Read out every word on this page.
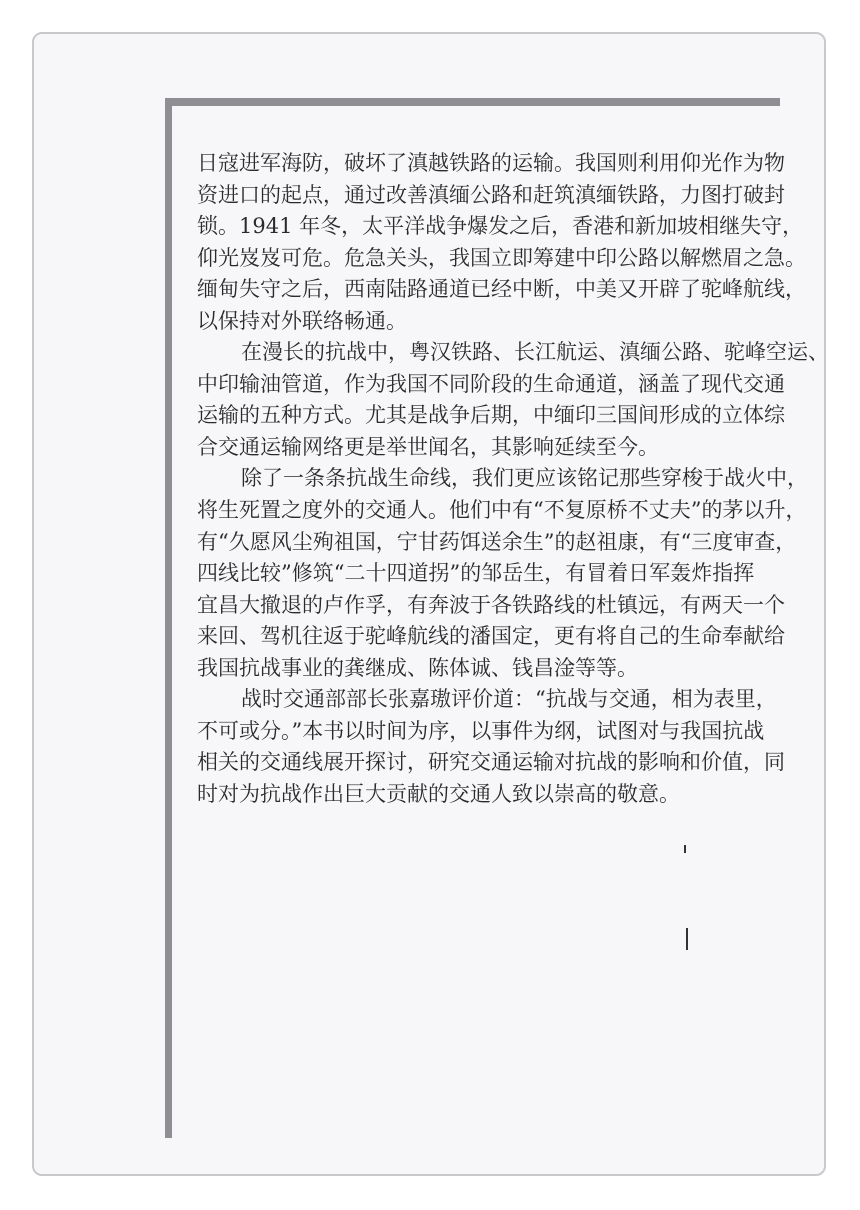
日寇进军海防，破坏了滇越铁路的运输。我国则利用仰光作为物
资进口的起点，通过改善滇缅公路和赶筑滇缅铁路，力图打破封
锁。1941 年冬，太平洋战争爆发之后，香港和新加坡相继失守，
仰光岌岌可危。危急关头，我国立即筹建中印公路以解燃眉之急。
缅甸失守之后，西南陆路通道已经中断，中美又开辟了驼峰航线，
以保持对外联络畅通。
在漫长的抗战中，粤汉铁路、长江航运、滇缅公路、驼峰空运、
中印输油管道，作为我国不同阶段的生命通道，涵盖了现代交通
运输的五种方式。尤其是战争后期，中缅印三国间形成的立体综
合交通运输网络更是举世闻名，其影响延续至今。
除了一条条抗战生命线，我们更应该铭记那些穿梭于战火中，
将生死置之度外的交通人。他们中有“不复原桥不丈夫”的茅以升，
有“久愿风尘殉祖国，宁甘药饵送余生”的赵祖康，有“三度审查，
四线比较”修筑“二十四道拐”的邹岳生，有冒着日军轰炸指挥
宜昌大撤退的卢作孚，有奔波于各铁路线的杜镇远，有两天一个
来回、驾机往返于驼峰航线的潘国定，更有将自己的生命奉献给
我国抗战事业的龚继成、陈体诚、钱昌淦等等。
战时交通部部长张嘉璈评价道：“抗战与交通，相为表里，
不可或分。”本书以时间为序，以事件为纲，试图对与我国抗战
相关的交通线展开探讨，研究交通运输对抗战的影响和价值，同
时对为抗战作出巨大贡献的交通人致以崇高的敬意。
